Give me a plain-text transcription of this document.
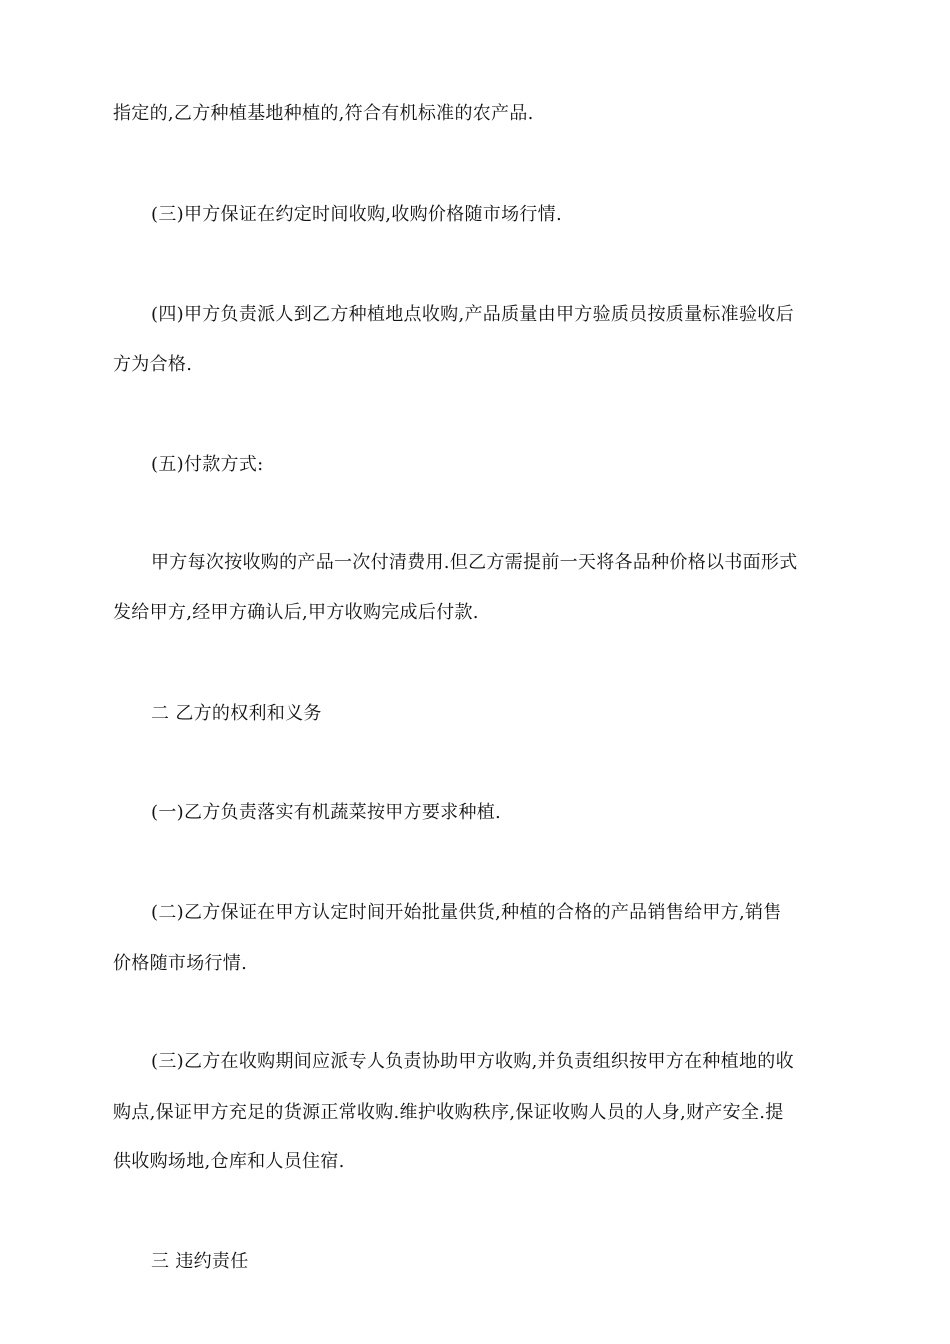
指定的,乙方种植基地种植的,符合有机标准的农产品.
(三)甲方保证在约定时间收购,收购价格随市场行情.
(四)甲方负责派人到乙方种植地点收购,产品质量由甲方验质员按质量标准验收后
方为合格.
(五)付款方式:
甲方每次按收购的产品一次付清费用.但乙方需提前一天将各品种价格以书面形式
发给甲方,经甲方确认后,甲方收购完成后付款.
二 乙方的权利和义务
(一)乙方负责落实有机蔬菜按甲方要求种植.
(二)乙方保证在甲方认定时间开始批量供货,种植的合格的产品销售给甲方,销售
价格随市场行情.
(三)乙方在收购期间应派专人负责协助甲方收购,并负责组织按甲方在种植地的收
购点,保证甲方充足的货源正常收购.维护收购秩序,保证收购人员的人身,财产安全.提
供收购场地,仓库和人员住宿.
三 违约责任
